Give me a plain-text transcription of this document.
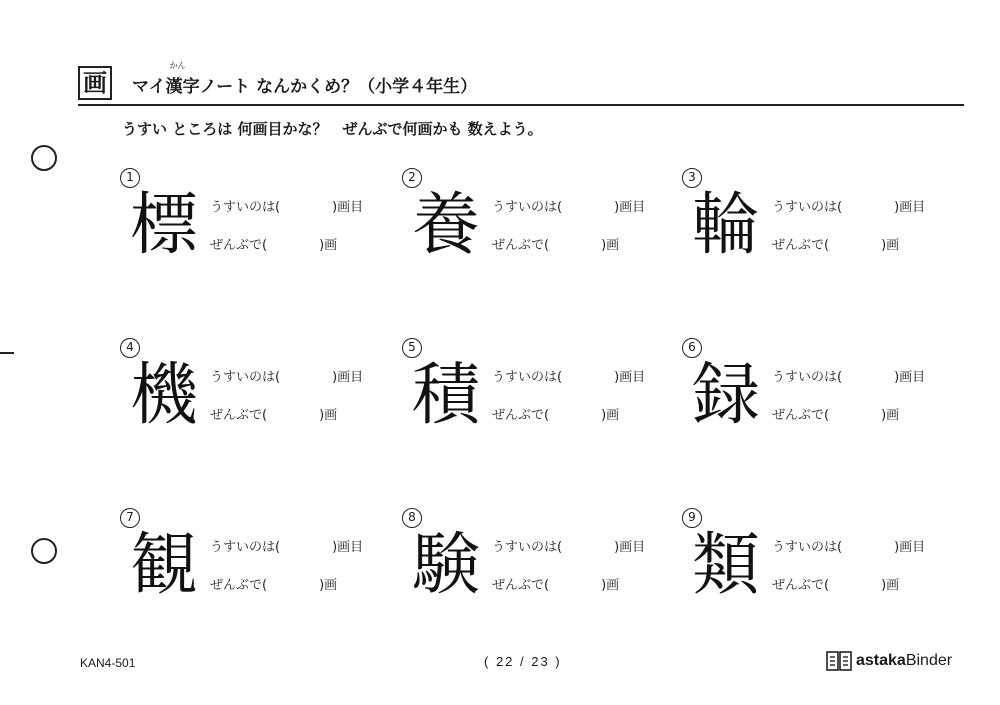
画 マイ
かん
漢字ノート なんかくめ？（小学４年生）
うすい ところは 何画目かな？　ぜんぶで何画かも 数えよう。
1
標 うすいのは(	)画目
ぜんぶで(	)画
2
養 うすいのは(	)画目
ぜんぶで(	)画
3
輪 うすいのは(	)画目
ぜんぶで(	)画
4
機 うすいのは(	)画目
ぜんぶで(	)画
5
積 うすいのは(	)画目
ぜんぶで(	)画
6
録 うすいのは(	)画目
ぜんぶで(	)画
7
観 うすいのは(	)画目
ぜんぶで(	)画
8
験 うすいのは(	)画目
ぜんぶで(	)画
9
類 うすいのは(	)画目
ぜんぶで(	)画
KAN4-501	( 22 / 23 )	astakaBinder
